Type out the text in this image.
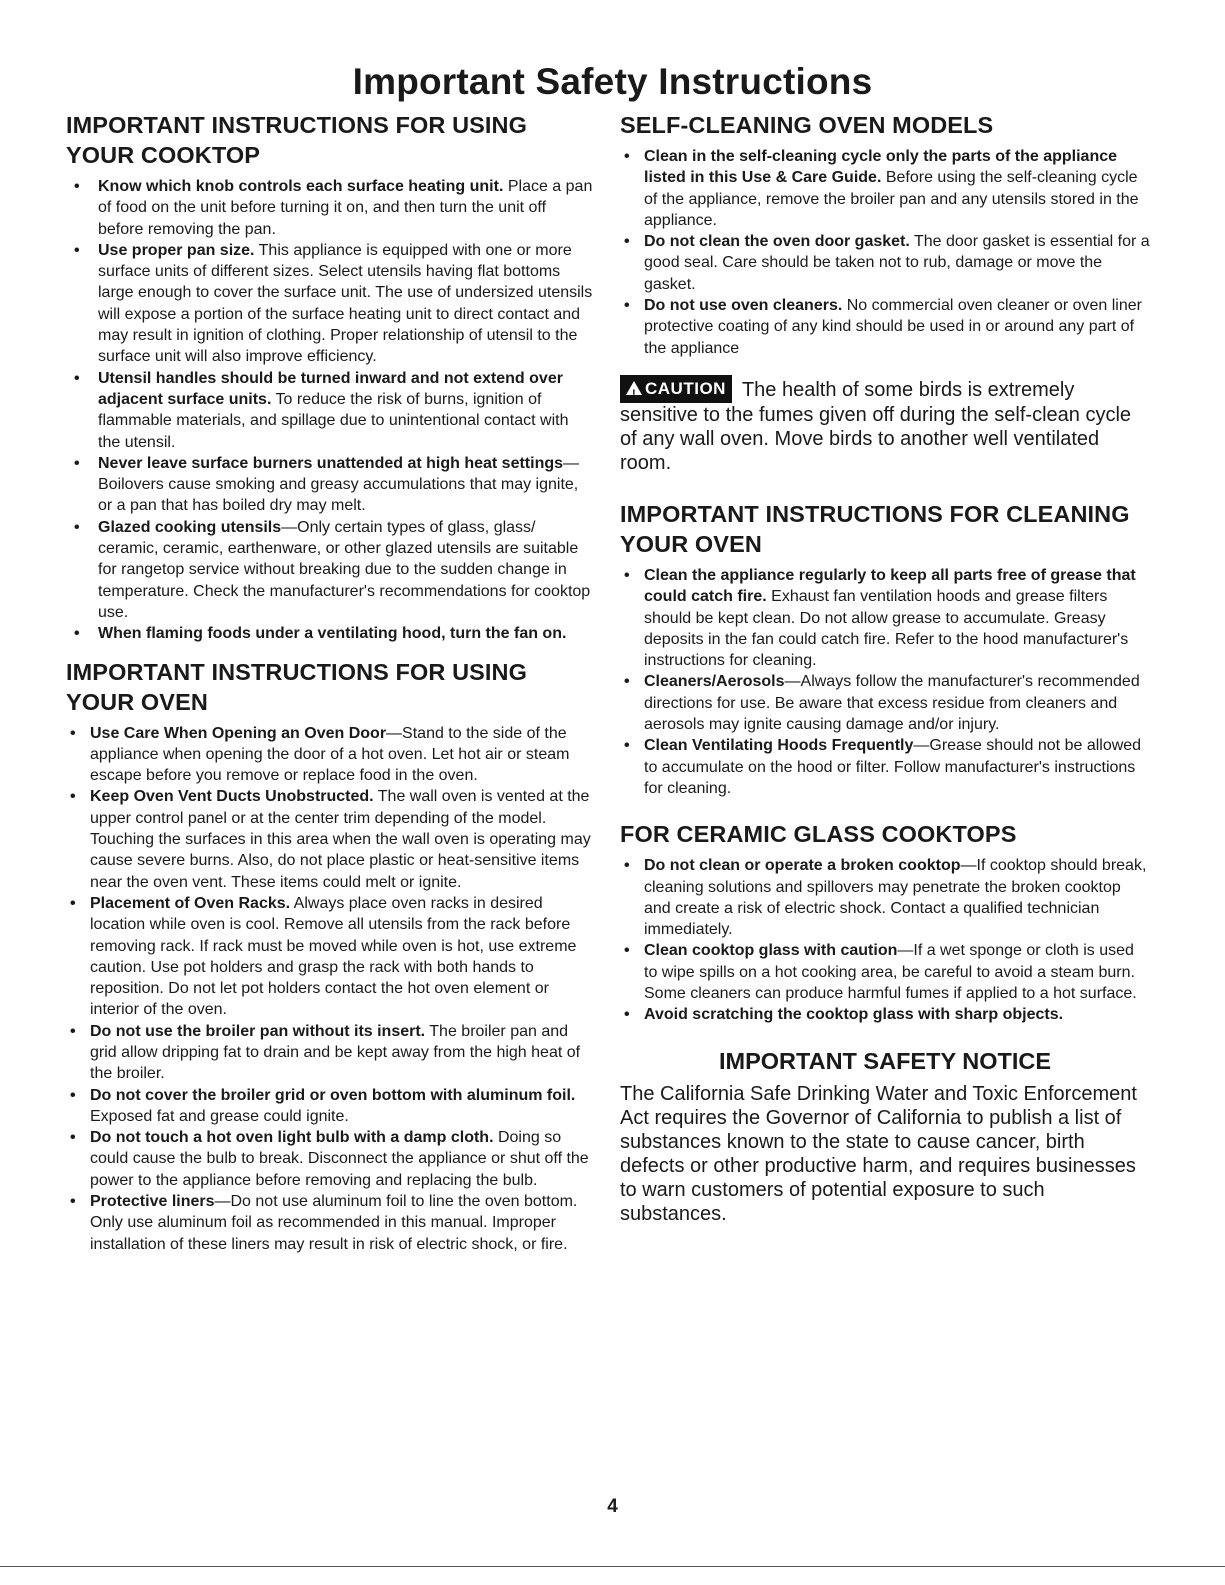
Important Safety Instructions
IMPORTANT INSTRUCTIONS FOR USING YOUR COOKTOP
• Know which knob controls each surface heating unit. Place a pan of food on the unit before turning it on, and then turn the unit off before removing the pan.
• Use proper pan size. This appliance is equipped with one or more surface units of different sizes. Select utensils having flat bottoms large enough to cover the surface unit. The use of undersized utensils will expose a portion of the surface heating unit to direct contact and may result in ignition of clothing. Proper relationship of utensil to the surface unit will also improve efficiency.
• Utensil handles should be turned inward and not extend over adjacent surface units. To reduce the risk of burns, ignition of flammable materials, and spillage due to unintentional contact with the utensil.
• Never leave surface burners unattended at high heat settings—Boilovers cause smoking and greasy accumulations that may ignite, or a pan that has boiled dry may melt.
• Glazed cooking utensils—Only certain types of glass, glass/ ceramic, ceramic, earthenware, or other glazed utensils are suitable for rangetop service without breaking due to the sudden change in temperature. Check the manufacturer's recommendations for cooktop use.
• When flaming foods under a ventilating hood, turn the fan on.
IMPORTANT INSTRUCTIONS FOR USING YOUR OVEN
• Use Care When Opening an Oven Door—Stand to the side of the appliance when opening the door of a hot oven. Let hot air or steam escape before you remove or replace food in the oven.
• Keep Oven Vent Ducts Unobstructed. The wall oven is vented at the upper control panel or at the center trim depending of the model. Touching the surfaces in this area when the wall oven is operating may cause severe burns. Also, do not place plastic or heat-sensitive items near the oven vent. These items could melt or ignite.
• Placement of Oven Racks. Always place oven racks in desired location while oven is cool. Remove all utensils from the rack before removing rack. If rack must be moved while oven is hot, use extreme caution. Use pot holders and grasp the rack with both hands to reposition. Do not let pot holders contact the hot oven element or interior of the oven.
• Do not use the broiler pan without its insert. The broiler pan and grid allow dripping fat to drain and be kept away from the high heat of the broiler.
• Do not cover the broiler grid or oven bottom with aluminum foil. Exposed fat and grease could ignite.
• Do not touch a hot oven light bulb with a damp cloth. Doing so could cause the bulb to break. Disconnect the appliance or shut off the power to the appliance before removing and replacing the bulb.
• Protective liners—Do not use aluminum foil to line the oven bottom. Only use aluminum foil as recommended in this manual. Improper installation of these liners may result in risk of electric shock, or fire.
SELF-CLEANING OVEN MODELS
• Clean in the self-cleaning cycle only the parts of the appliance listed in this Use & Care Guide. Before using the self-cleaning cycle of the appliance, remove the broiler pan and any utensils stored in the appliance.
• Do not clean the oven door gasket. The door gasket is essential for a good seal. Care should be taken not to rub, damage or move the gasket.
• Do not use oven cleaners. No commercial oven cleaner or oven liner protective coating of any kind should be used in or around any part of the appliance

!CAUTION The health of some birds is extremely sensitive to the fumes given off during the self-clean cycle of any wall oven. Move birds to another well ventilated room.

IMPORTANT INSTRUCTIONS FOR CLEANING YOUR OVEN
• Clean the appliance regularly to keep all parts free of grease that could catch fire. Exhaust fan ventilation hoods and grease filters should be kept clean. Do not allow grease to accumulate. Greasy deposits in the fan could catch fire. Refer to the hood manufacturer's instructions for cleaning.
• Cleaners/Aerosols—Always follow the manufacturer's recommended directions for use. Be aware that excess residue from cleaners and aerosols may ignite causing damage and/or injury.
• Clean Ventilating Hoods Frequently—Grease should not be allowed to accumulate on the hood or filter. Follow manufacturer's instructions for cleaning.
FOR CERAMIC GLASS COOKTOPS
• Do not clean or operate a broken cooktop—If cooktop should break, cleaning solutions and spillovers may penetrate the broken cooktop and create a risk of electric shock. Contact a qualified technician immediately.
• Clean cooktop glass with caution—If a wet sponge or cloth is used to wipe spills on a hot cooking area, be careful to avoid a steam burn. Some cleaners can produce harmful fumes if applied to a hot surface.
• Avoid scratching the cooktop glass with sharp objects.
IMPORTANT SAFETY NOTICE

The California Safe Drinking Water and Toxic Enforcement Act requires the Governor of California to publish a list of substances known to the state to cause cancer, birth defects or other productive harm, and requires businesses to warn customers of potential exposure to such substances.

4
